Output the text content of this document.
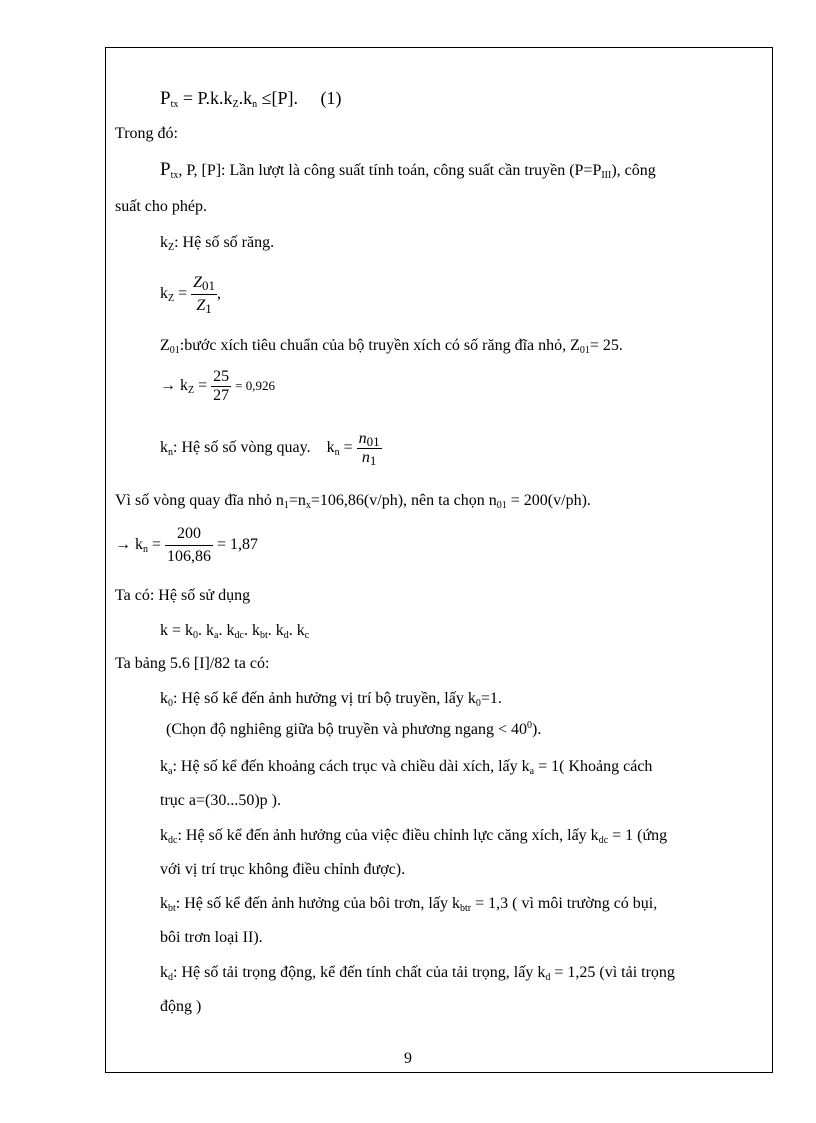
$P_{tx} = P.k.k_Z.k_n \le[P]$. (1)
Trong đó:
$P_{tx}$, P, [P]: Lần lượt là công suất tính toán, công suất cần truyền $(P=P_{III})$, công
suất cho phép.
$k_Z$: Hệ số số răng.
$k_Z = \frac{Z_{01}}{Z_1}$ ,
$Z_{01}:bước$ xích tiêu chuẩn của bộ truyền xích có số răng đĩa nhỏ, $Z_{01}= 25$.
→ $k_Z = \frac{25}{27} = 0,926$
$k_n$: Hệ số số vòng quay. $k_n = \frac{n_{01}}{n_1}$
Vì số vòng quay đĩa nhỏ $n_1=n_x=106,86(v/ph)$, nên ta chọn $n_{01} = 200(v/ph)$.
→ $k_n = \frac{200}{106,86} = 1,87$
Ta có: Hệ số sử dụng
$k = k_0$. $k_a$. $k_{dc}$. $k_{bt}$. $k_d$. $k_c$
Ta bảng 5.6 [I]/82 ta có:
$k_0$: Hệ số kể đến ảnh hưởng vị trí bộ truyền, lấy $k_0=1$.
(Chọn độ nghiêng giữa bộ truyền và phương ngang < $40^0$).
$k_a$: Hệ số kể đến khoảng cách trục và chiều dài xích, lấy $k_a = 1$( Khoảng cách
trục a=(30...50)p ).
$k_{dc}$: Hệ số kể đến ảnh hưởng của việc điều chỉnh lực căng xích, lấy $k_{dc} = 1$ (ứng
với vị trí trục không điều chỉnh được).
$k_{bt}$: Hệ số kể đến ảnh hưởng của bôi trơn, lấy $k_{btr} = 1,3$ ( vì môi trường có bụi,
bôi trơn loại II).
$k_d$: Hệ số tải trọng động, kể đến tính chất của tải trọng, lấy $k_d = 1,25$ (vì tải trọng
động )
9
